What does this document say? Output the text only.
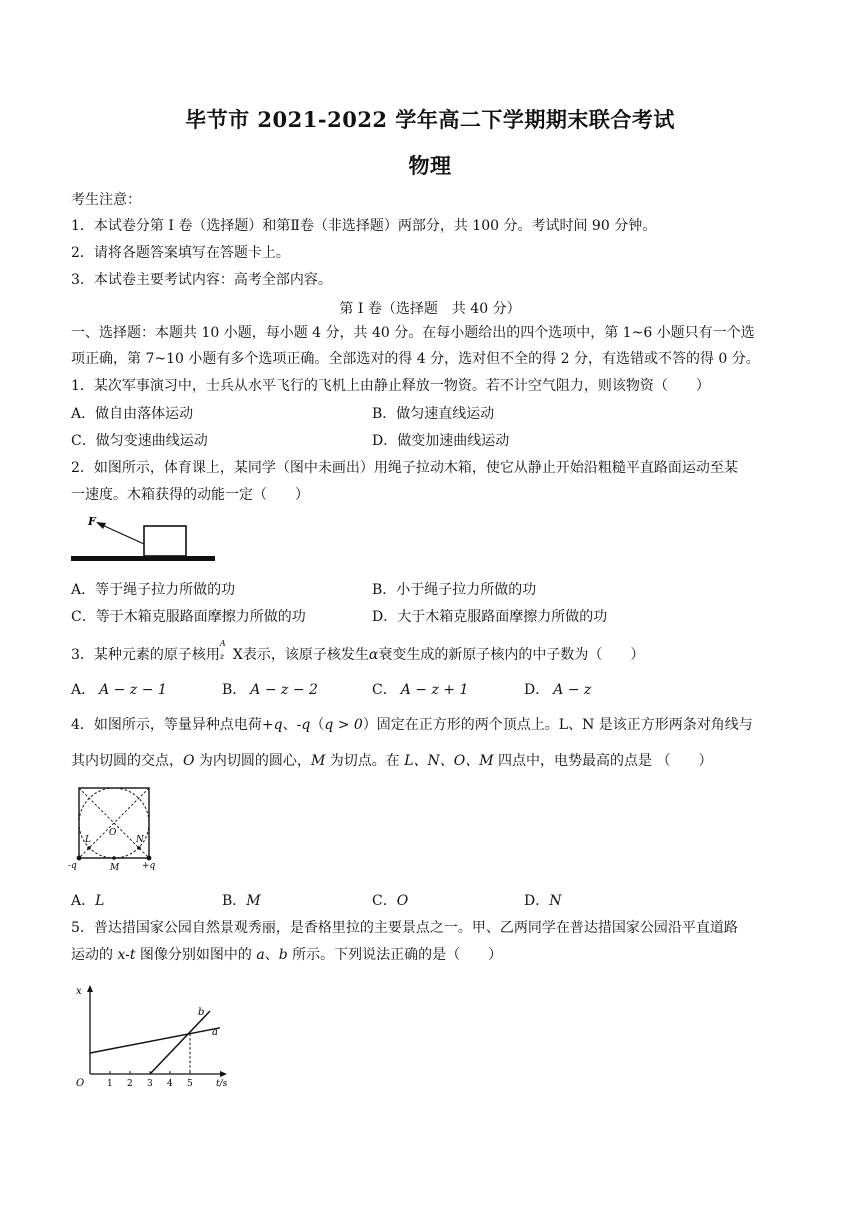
毕节市 2021-2022 学年高二下学期期末联合考试
物理
考生注意：
1．本试卷分第 I 卷（选择题）和第Ⅱ卷（非选择题）两部分，共 100 分。考试时间 90 分钟。
2．请将各题答案填写在答题卡上。
3．本试卷主要考试内容：高考全部内容。
第 I 卷（选择题　共 40 分）
一、选择题：本题共 10 小题，每小题 4 分，共 40 分。在每小题给出的四个选项中，第 1~6 小题只有一个选
项正确，第 7~10 小题有多个选项正确。全部选对的得 4 分，选对但不全的得 2 分，有选错或不答的得 0 分。
1．某次军事演习中，士兵从水平飞行的飞机上由静止释放一物资。若不计空气阻力，则该物资（　　）
A．做自由落体运动	B．做匀速直线运动
C．做匀变速曲线运动	D．做变加速曲线运动
2．如图所示，体育课上，某同学（图中未画出）用绳子拉动木箱，使它从静止开始沿粗糙平直路面运动至某
一速度。木箱获得的动能一定（　　）
F
A．等于绳子拉力所做的功	B．小于绳子拉力所做的功
C．等于木箱克服路面摩擦力所做的功	D．大于木箱克服路面摩擦力所做的功
3．某种元素的原子核用
A
z X表示，该原子核发生α衰变生成的新原子核内的中子数为（　　）
A． A − z − 1	B． A − z − 2	C． A − z + 1	D． A − z
4．如图所示，等量异种点电荷+q、-q（q > 0）固定在正方形的两个顶点上。L、N 是该正方形两条对角线与
其内切圆的交点，O 为内切圆的圆心，M 为切点。在 L、N、O、M 四点中，电势最高的点是 （　　）
L
O
N
M
-q	+q
A．L	B．M	C．O	D．N
5．普达措国家公园自然景观秀丽，是香格里拉的主要景点之一。甲、乙两同学在普达措国家公园沿平直道路
运动的 x-t 图像分别如图中的 a、b 所示。下列说法正确的是（　　）
1 2 3 4 5
x
t/s
O
a
b
